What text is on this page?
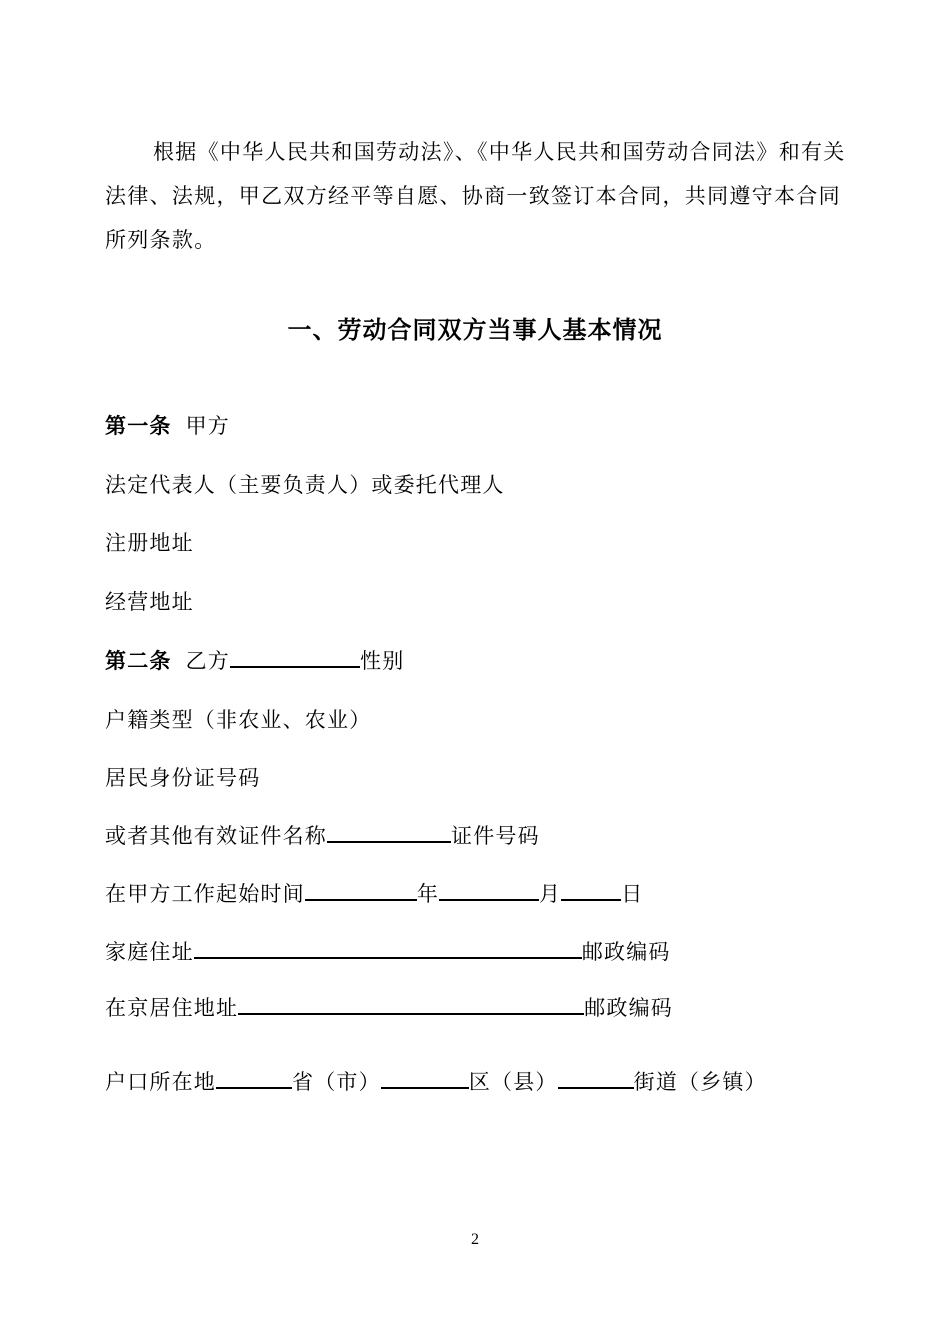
根据《中华人民共和国劳动法》、《中华人民共和国劳动合同法》和有关法律、法规，甲乙双方经平等自愿、协商一致签订本合同，共同遵守本合同所列条款。
一、劳动合同双方当事人基本情况
第一条 甲方
法定代表人（主要负责人）或委托代理人
注册地址
经营地址
第二条 乙方	性别
户籍类型（非农业、农业）
居民身份证号码
或者其他有效证件名称	证件号码
在甲方工作起始时间	年	月	日
家庭住址	邮政编码
在京居住地址	邮政编码
户口所在地	省（市）	区（县）	街道（乡镇）
2
